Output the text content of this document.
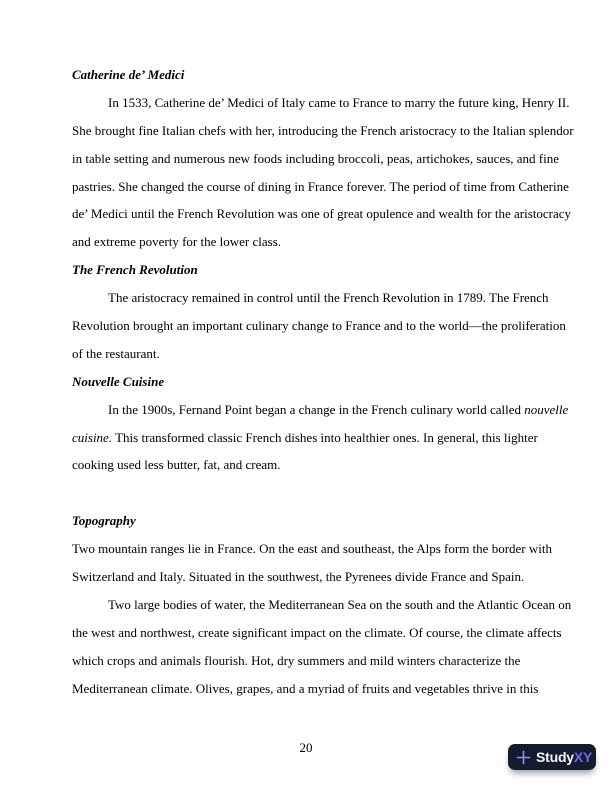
Catherine de’ Medici
In 1533, Catherine de’ Medici of Italy came to France to marry the future king, Henry II.
She brought fine Italian chefs with her, introducing the French aristocracy to the Italian splendor
in table setting and numerous new foods including broccoli, peas, artichokes, sauces, and fine
pastries. She changed the course of dining in France forever. The period of time from Catherine
de’ Medici until the French Revolution was one of great opulence and wealth for the aristocracy
and extreme poverty for the lower class.
The French Revolution
The aristocracy remained in control until the French Revolution in 1789. The French
Revolution brought an important culinary change to France and to the world—the proliferation
of the restaurant.
Nouvelle Cuisine
In the 1900s, Fernand Point began a change in the French culinary world called nouvelle
cuisine. This transformed classic French dishes into healthier ones. In general, this lighter
cooking used less butter, fat, and cream.
Topography
Two mountain ranges lie in France. On the east and southeast, the Alps form the border with
Switzerland and Italy. Situated in the southwest, the Pyrenees divide France and Spain.
Two large bodies of water, the Mediterranean Sea on the south and the Atlantic Ocean on
the west and northwest, create significant impact on the climate. Of course, the climate affects
which crops and animals flourish. Hot, dry summers and mild winters characterize the
Mediterranean climate. Olives, grapes, and a myriad of fruits and vegetables thrive in this
20
StudyXY
